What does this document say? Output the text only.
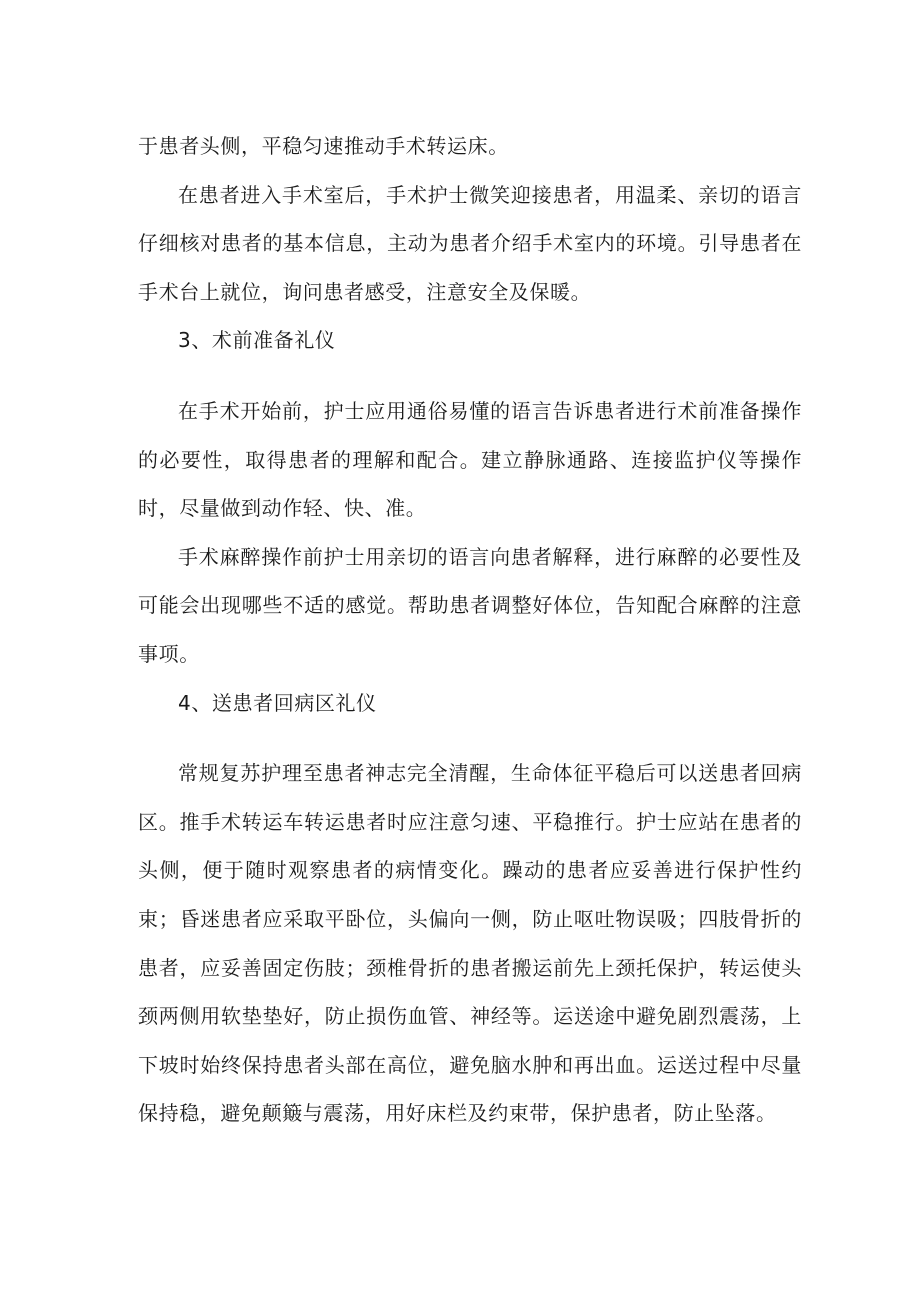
于患者头侧，平稳匀速推动手术转运床。

在患者进入手术室后，手术护士微笑迎接患者，用温柔、亲切的语言仔细核对患者的基本信息，主动为患者介绍手术室内的环境。引导患者在手术台上就位，询问患者感受，注意安全及保暖。

3、术前准备礼仪

在手术开始前，护士应用通俗易懂的语言告诉患者进行术前准备操作的必要性，取得患者的理解和配合。建立静脉通路、连接监护仪等操作时，尽量做到动作轻、快、准。

手术麻醉操作前护士用亲切的语言向患者解释，进行麻醉的必要性及可能会出现哪些不适的感觉。帮助患者调整好体位，告知配合麻醉的注意事项。

4、送患者回病区礼仪

常规复苏护理至患者神志完全清醒，生命体征平稳后可以送患者回病区。推手术转运车转运患者时应注意匀速、平稳推行。护士应站在患者的头侧，便于随时观察患者的病情变化。躁动的患者应妥善进行保护性约束；昏迷患者应采取平卧位，头偏向一侧，防止呕吐物误吸；四肢骨折的患者，应妥善固定伤肢；颈椎骨折的患者搬运前先上颈托保护，转运使头颈两侧用软垫垫好，防止损伤血管、神经等。运送途中避免剧烈震荡，上下坡时始终保持患者头部在高位，避免脑水肿和再出血。运送过程中尽量保持稳，避免颠簸与震荡，用好床栏及约束带，保护患者，防止坠落。
